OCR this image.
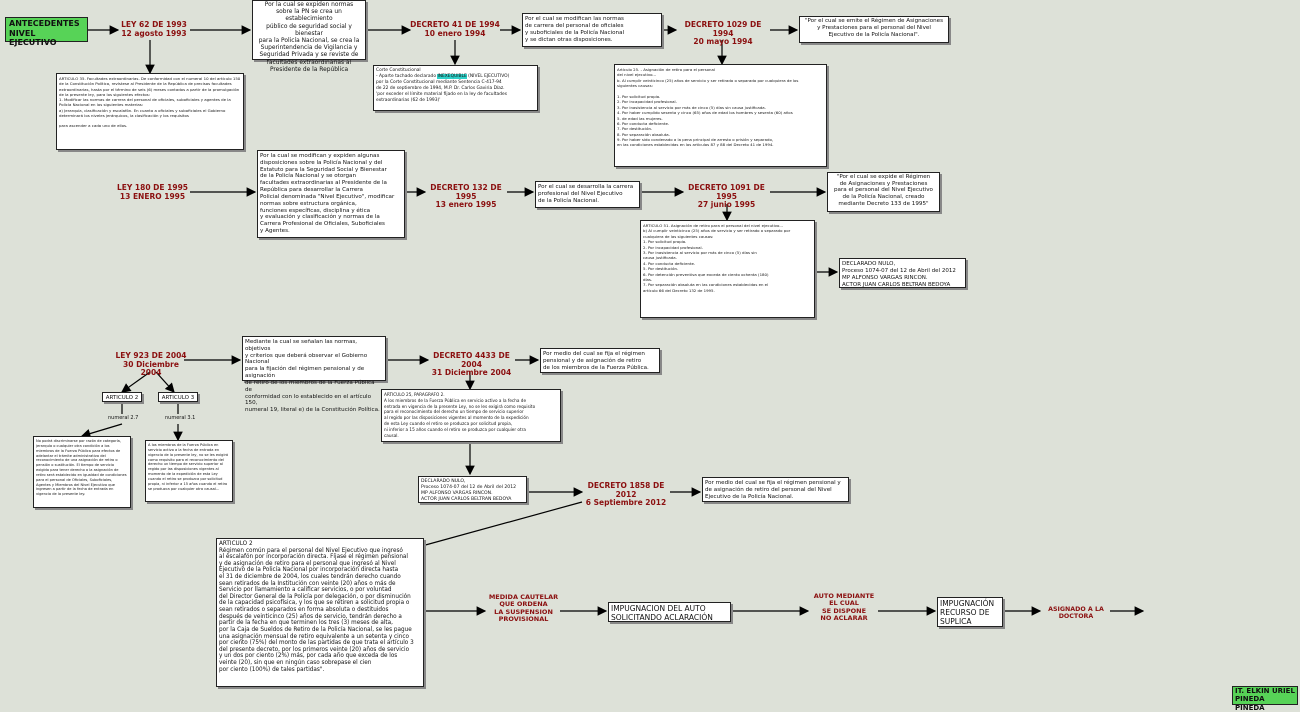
ANTECEDENTES
NIVEL EJECUTIVO
LEY 62 DE 1993
12 agosto 1993
Por la cual se expiden normas
sobre la PN se crea un establecimiento
público de seguridad social y bienestar
para la Policía Nacional, se crea la
Superintendencia de Vigilancia y
Seguridad Privada y se reviste de
facultades extraordinarias al
Presidente de la República
ARTICULO 35. Facultades extraordinarias. De conformidad con el numeral 10 del artículo 150 de la Constitución Política, revístese al Presidente de la República de precisas facultades extraordinarias, hasta por el término de seis (6) meses contados a partir de la promulgación de la presente ley, para los siguientes efectos:
1. Modificar las normas de carrera del personal de oficiales, suboficiales y agentes de la Policía Nacional en los siguientes materias:
a) Jerarquía, clasificación y escalafón. En cuanto a oficiales y suboficiales el Gobierno determinará los niveles jerárquicos, la clasificación y los requisitos

para ascender a cada uno de ellos.
DECRETO 41 DE 1994
10 enero 1994
Por el cual se modifican las normas
de carrera del personal de oficiales
y suboficiales de la Policía Nacional
y se dictan otras disposiciones.
Corte Constitucional
- Aparte tachado declarado INEXEQUIBLE (NIVEL EJECUTIVO)
por la Corte Constitucional mediante Sentencia C-417-94
de 22 de septiembre de 1994, M.P. Dr. Carlos Gaviria Díaz.
'por exceder el límite material fijado en la ley de facultades
extraordinarias (62 de 1993)'
DECRETO 1029 DE 1994
20 mayo 1994
"Por el cual se emite el Régimen de Asignaciones
y Prestaciones para el personal del Nivel
Ejecutivo de la Policía Nacional".
Artículo 25. - Asignación de retiro para el personal
del nivel ejecutivo...
b. Al cumplir veinticinco (25) años de servicio y ser retirado o separado por cualquiera de los
siguientes causas:

1. Por solicitud propia.
2. Por incapacidad profesional.
3. Por inasistencia al servicio por más de cinco (5) días sin causa justificada.
4. Por haber cumplido sesenta y cinco (65) años de edad los hombres y sesenta (60) años
5. de edad las mujeres.
6. Por conducta deficiente.
7. Por destitución.
8. Por separación absoluta.
9. Por haber sido condenado a la pena principal de arresto o prisión y separado,
en las condiciones establecidas en los artículos 87 y 88 del Decreto 41 de 1994.
LEY 180 DE 1995
13 ENERO 1995
Por la cual se modifican y expiden algunas
disposiciones sobre la Policía Nacional y del
Estatuto para la Seguridad Social y Bienestar
de la Policía Nacional y se otorgan
facultades extraordinarias al Presidente de la
República para desarrollar la Carrera
Policial denominada "Nivel Ejecutivo", modificar
normas sobre estructura orgánica,
funciones específicas, disciplina y ética
y evaluación y clasificación y normas de la
Carrera Profesional de Oficiales, Suboficiales
y Agentes.
DECRETO 132 DE 1995
13 enero 1995
Por el cual se desarrolla la carrera
profesional del Nivel Ejecutivo
de la Policía Nacional.
DECRETO 1091 DE 1995
27 junio 1995
"Por el cual se expide el Régimen
de Asignaciones y Prestaciones
para el personal del Nivel Ejecutivo
de la Policía Nacional, creado
mediante Decreto 133 de 1995"
ARTICULO 51. Asignación de retiro para el personal del nivel ejecutivo...
b) Al cumplir veinticinco (25) años de servicio y ser retirado o separado por
cualquiera de las siguientes causas:
1. Por solicitud propia.
2. Por incapacidad profesional.
3. Por inasistencia al servicio por más de cinco (5) días sin
causa justificada.
4. Por conducta deficiente.
5. Por destitución.
6. Por detención preventiva que exceda de ciento ochenta (180)
días.
7. Por separación absoluta en las condiciones establecidas en el
artículo 66 del Decreto 132 de 1995.
DECLARADO NULO,
Proceso 1074-07 del 12 de Abril del 2012
MP ALFONSO VARGAS RINCON.
ACTOR JUAN CARLOS BELTRAN BEDOYA
LEY 923 DE 2004
30 Diciembre 2004
Mediante la cual se señalan las normas, objetivos
y criterios que deberá observar el Gobierno Nacional
para la fijación del régimen pensional y de asignación
de retiro de los miembros de la Fuerza Pública de
conformidad con lo establecido en el artículo 150,
numeral 19, literal e) de la Constitución Política.
DECRETO 4433 DE 2004
31 Diciembre 2004
Por medio del cual se fija el régimen
pensional y de asignación de retiro
de los miembros de la Fuerza Pública.
ARTICULO 2	ARTICULO 3
numeral 2.7	numeral 3.1
No podrá discriminarse por razón de categoría, jerarquía o cualquier otra condición a los miembros de la Fuerza Pública para efectos de adelantar el trámite administrativo del reconocimiento de una asignación de retiro o pensión o sustitución. El tiempo de servicio exigido para tener derecho a la asignación de retiro será establecido en igualdad de condiciones para el personal de Oficiales, Suboficiales, Agentes y Miembros del Nivel Ejecutivo que ingresen a partir de la fecha de entrada en vigencia de la presente ley.
A los miembros de la Fuerza Pública en servicio activo a la fecha de entrada en vigencia de la presente ley, no se les exigirá como requisito para el reconocimiento del derecho un tiempo de servicio superior al regido por las disposiciones vigentes al momento de la expedición de esta Ley cuando el retiro se produzca por solicitud propia, ni inferior a 15 años cuando el retiro se produzca por cualquier otra causal...
ARTICULO 25, PARAGRAFO 2.
A los miembros de la Fuerza Pública en servicio activo a la fecha de
entrada en vigencia de la presente Ley, no se les exigirá como requisito
para el reconocimiento del derecho un tiempo de servicio superior
al regido por las disposiciones vigentes al momento de la expedición
de esta Ley cuando el retiro se produzca por solicitud propia,
ni inferior a 15 años cuando el retiro se produzca por cualquier otra
causal.
DECLARADO NULO,
Proceso 1074-07 del 12 de Abril del 2012
MP ALFONSO VARGAS RINCON.
ACTOR JUAN CARLOS BELTRAN BEDOYA
DECRETO 1858 DE 2012
6 Septiembre 2012
Por medio del cual se fija el régimen pensional y
de asignación de retiro del personal del Nivel
Ejecutivo de la Policía Nacional.
ARTICULO 2
Régimen común para el personal del Nivel Ejecutivo que ingresó
al escalafón por incorporación directa. Fíjase el régimen pensional
y de asignación de retiro para el personal que ingresó al Nivel
Ejecutivo de la Policía Nacional por incorporación directa hasta
el 31 de diciembre de 2004, los cuales tendrán derecho cuando
sean retirados de la Institución con veinte (20) años o más de
Servicio por llamamiento a calificar servicios, o por voluntad
del Director General de la Policía por delegación, o por disminución
de la capacidad psicofísica, y los que se retiren a solicitud propia o
sean retirados o separados en forma absoluta o destituidos
después de veinticinco (25) años de servicio, tendrán derecho a
partir de la fecha en que terminen los tres (3) meses de alta,
por la Caja de Sueldos de Retiro de la Policía Nacional, se les pague
una asignación mensual de retiro equivalente a un setenta y cinco
por ciento (75%) del monto de las partidas de que trata el artículo 3
del presente decreto, por los primeros veinte (20) años de servicio
y un dos por ciento (2%) más, por cada año que exceda de los
veinte (20), sin que en ningún caso sobrepase el cien
por ciento (100%) de tales partidas".
MEDIDA CAUTELAR
QUE ORDENA
LA SUSPENSION
PROVISIONAL
IMPUGNACION DEL AUTO
SOLICITANDO ACLARACIÓN
AUTO MEDIANTE
EL CUAL
SE DISPONE
NO ACLARAR
IMPUGNACIÓN
RECURSO DE
SUPLICA
ASIGNADO A LA DOCTORA
IT. ELKIN URIEL
PINEDA PINEDA
